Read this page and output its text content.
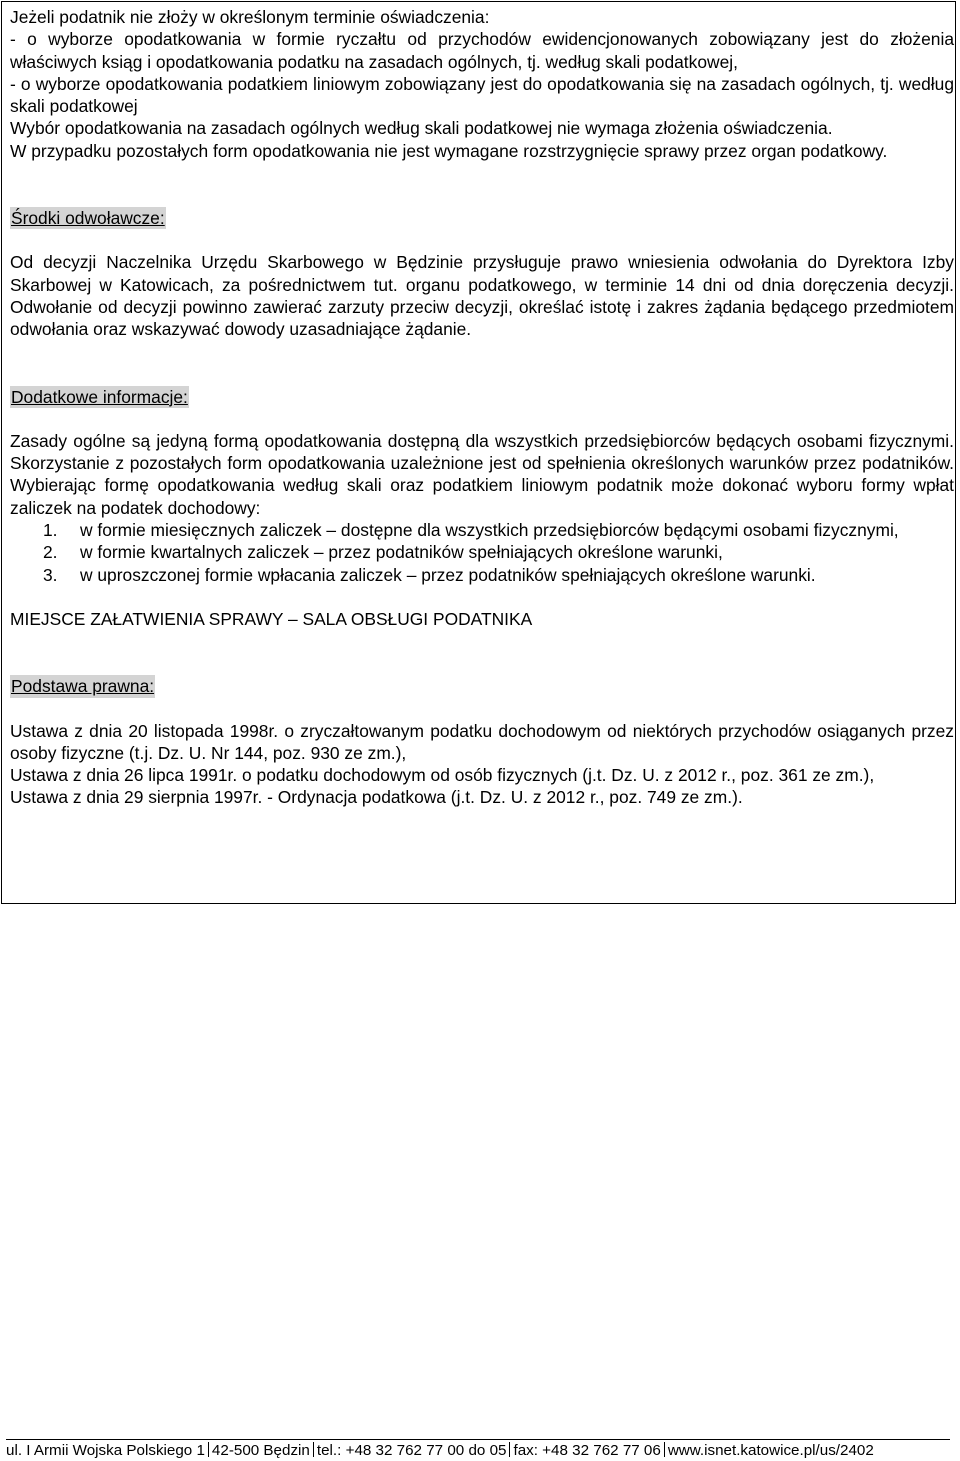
Jeżeli podatnik nie złoży w określonym terminie oświadczenia:

- o wyborze opodatkowania w formie ryczałtu od przychodów ewidencjonowanych zobowiązany jest do złożenia właściwych ksiąg i opodatkowania podatku na zasadach ogólnych, tj. według skali podatkowej,

- o wyborze opodatkowania podatkiem liniowym zobowiązany jest do opodatkowania się na zasadach ogólnych, tj. według skali podatkowej

Wybór opodatkowania na zasadach ogólnych według skali podatkowej nie wymaga złożenia oświadczenia.

W przypadku pozostałych form opodatkowania nie jest wymagane rozstrzygnięcie sprawy przez organ podatkowy.

Środki odwoławcze:

Od decyzji Naczelnika Urzędu Skarbowego w Będzinie przysługuje prawo wniesienia odwołania do Dyrektora Izby Skarbowej w Katowicach, za pośrednictwem tut. organu podatkowego, w terminie 14 dni od dnia doręczenia decyzji. Odwołanie od decyzji powinno zawierać zarzuty przeciw decyzji, określać istotę i zakres żądania będącego przedmiotem odwołania oraz wskazywać dowody uzasadniające żądanie.

Dodatkowe informacje:

Zasady ogólne są jedyną formą opodatkowania dostępną dla wszystkich przedsiębiorców będących osobami fizycznymi. Skorzystanie z pozostałych form opodatkowania uzależnione jest od spełnienia określonych warunków przez podatników. Wybierając formę opodatkowania według skali oraz podatkiem liniowym podatnik może dokonać wyboru formy wpłat zaliczek na podatek dochodowy:

1. w formie miesięcznych zaliczek – dostępne dla wszystkich przedsiębiorców będącymi osobami fizycznymi,
2. w formie kwartalnych zaliczek – przez podatników spełniających określone warunki,
3. w uproszczonej formie wpłacania zaliczek – przez podatników spełniających określone warunki.

MIEJSCE ZAŁATWIENIA SPRAWY – SALA OBSŁUGI PODATNIKA

Podstawa prawna:

Ustawa z dnia 20 listopada 1998r. o zryczałtowanym podatku dochodowym od niektórych przychodów osiąganych przez osoby fizyczne (t.j. Dz. U. Nr 144, poz. 930 ze zm.),

Ustawa z dnia 26 lipca 1991r. o podatku dochodowym od osób fizycznych (j.t. Dz. U. z 2012 r., poz. 361 ze zm.),

Ustawa z dnia 29 sierpnia 1997r. - Ordynacja podatkowa (j.t. Dz. U. z 2012 r., poz. 749 ze zm.).

ul. I Armii Wojska Polskiego 1 42-500 Będzin tel.: +48 32 762 77 00 do 05 fax: +48 32 762 77 06 www.isnet.katowice.pl/us/2402
